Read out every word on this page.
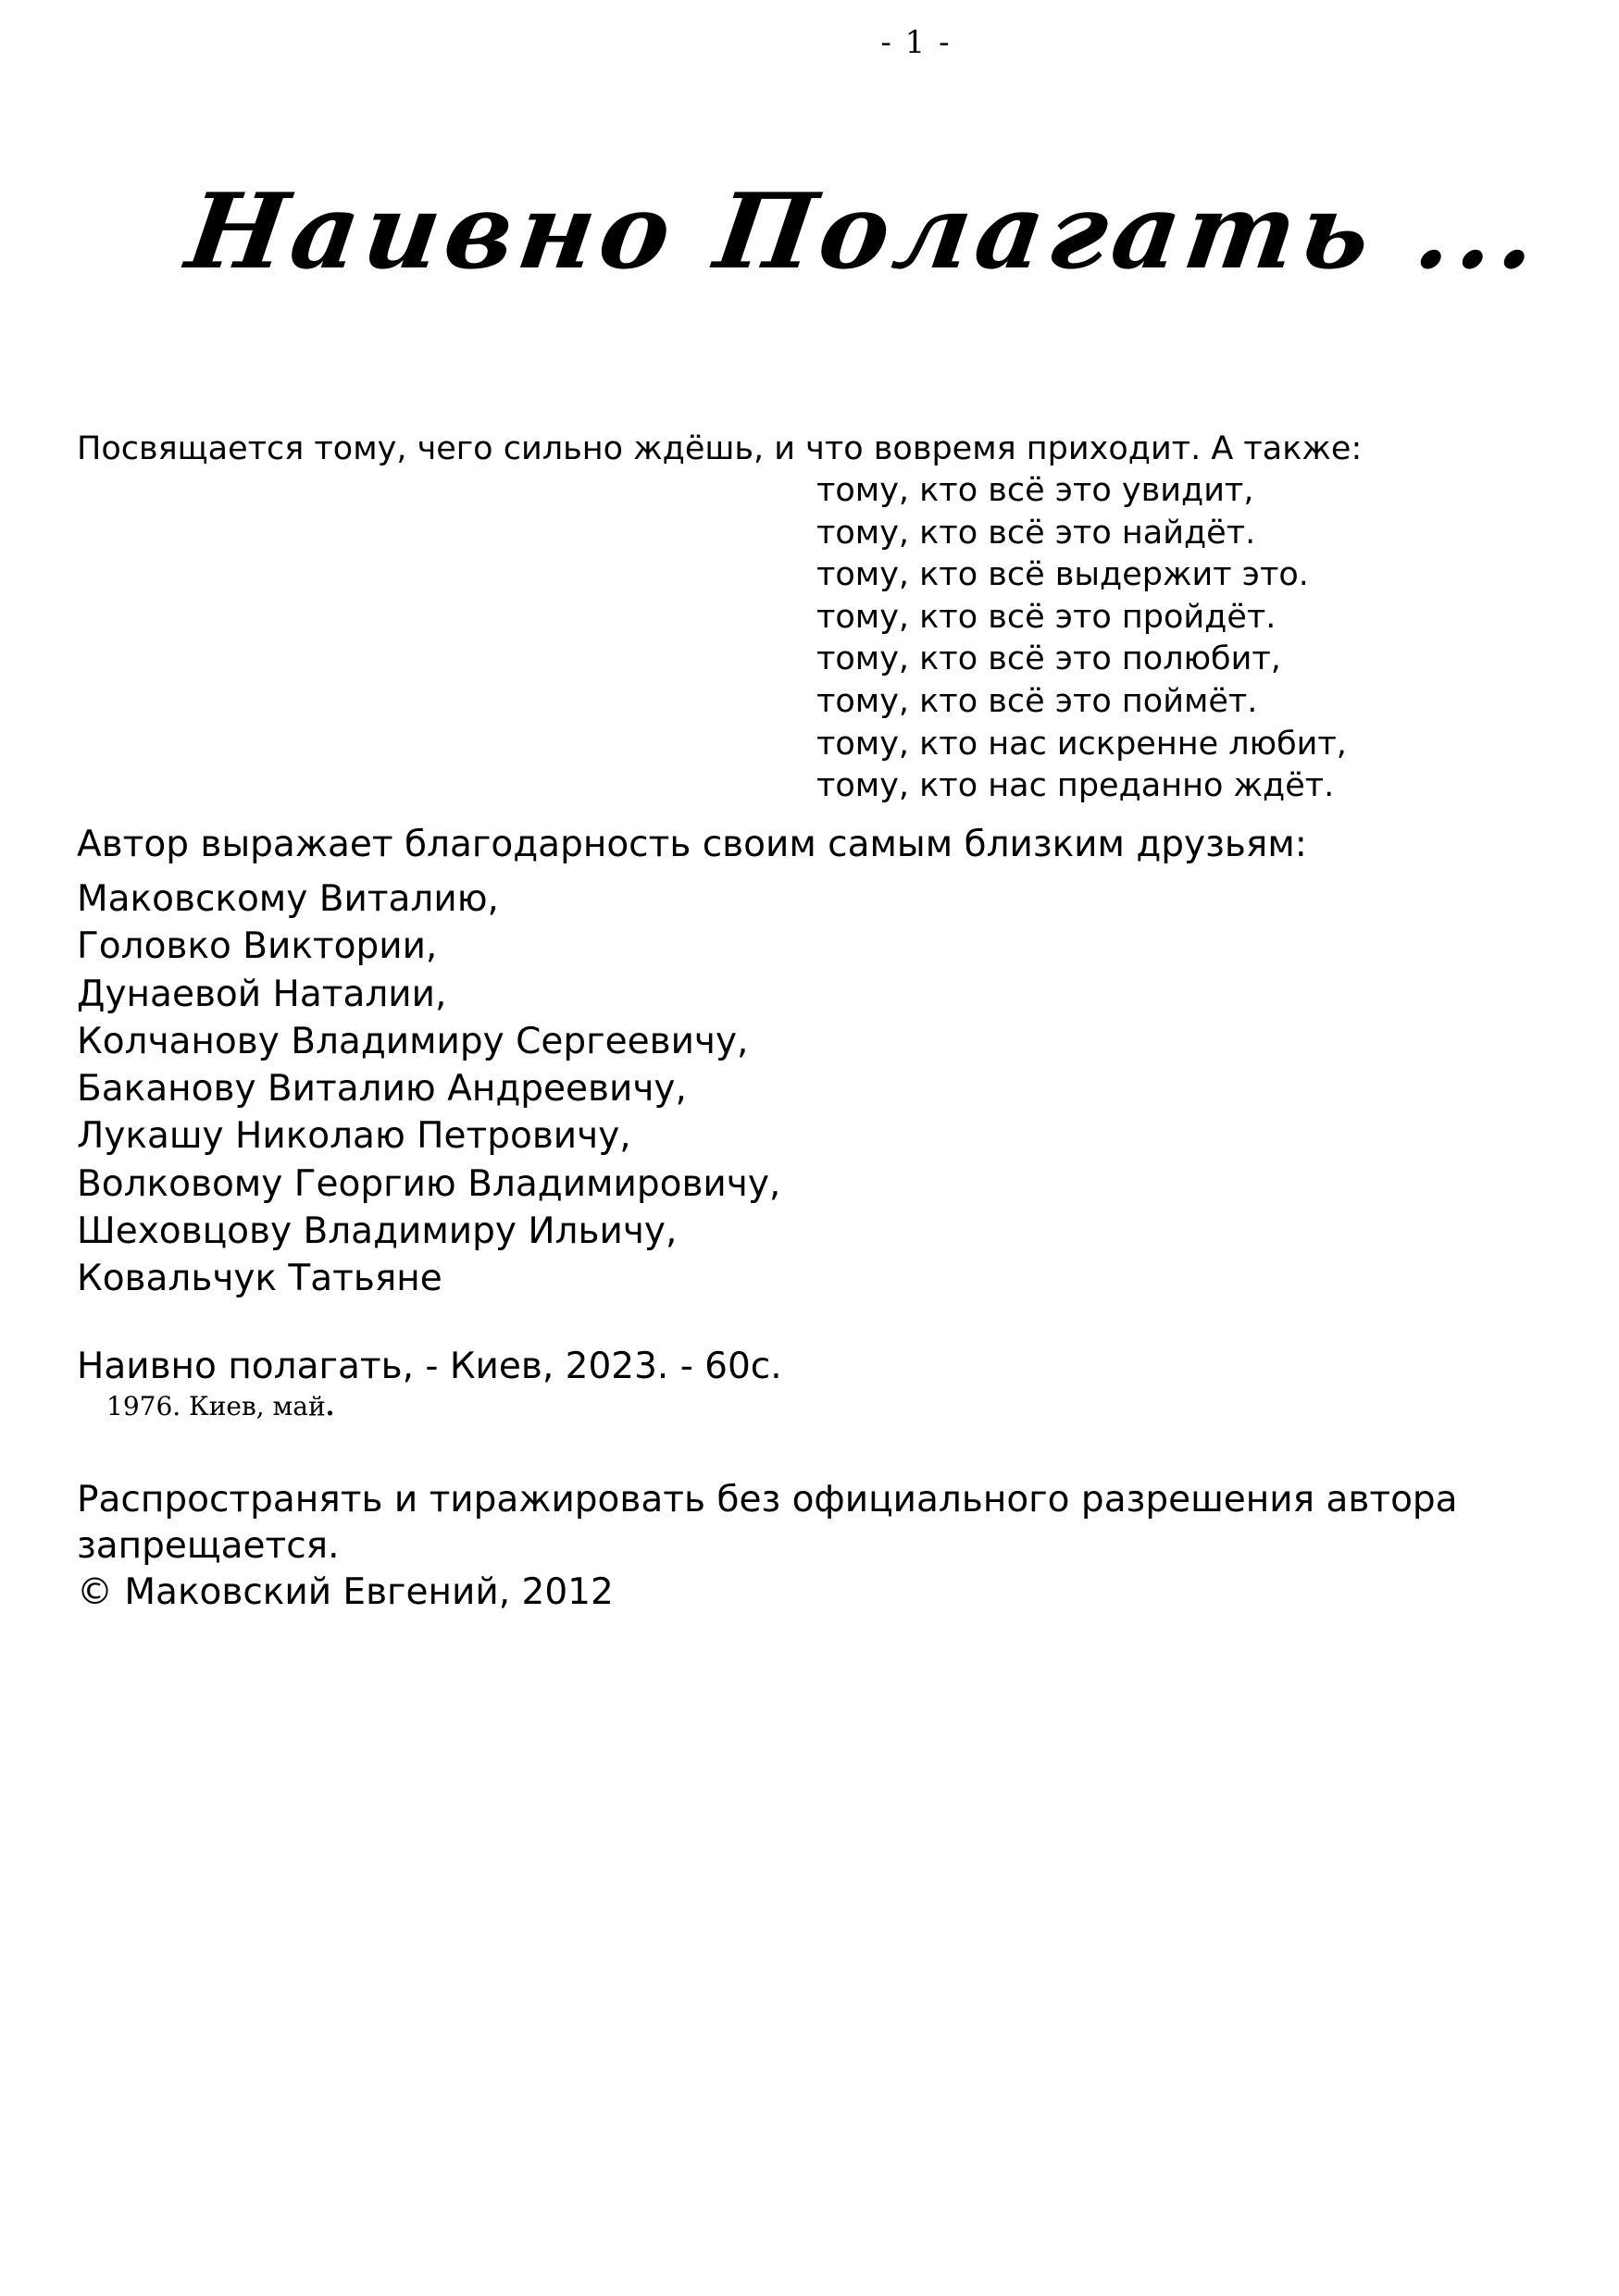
- 1 -
Наивно Полагать ...
Посвящается тому, чего сильно ждёшь, и что вовремя приходит. А также:
тому, кто всё это увидит,
тому, кто всё это найдёт.
тому, кто всё выдержит это.
тому, кто всё это пройдёт.
тому, кто всё это полюбит,
тому, кто всё это поймёт.
тому, кто нас искренне любит,
тому, кто нас преданно ждёт.
Автор выражает благодарность своим самым близким друзьям:
Маковскому Виталию,
Головко Виктории,
Дунаевой Наталии,
Колчанову Владимиру Сергеевичу,
Баканову Виталию Андреевичу,
Лукашу Николаю Петровичу,
Волковому Георгию Владимировичу,
Шеховцову Владимиру Ильичу,
Ковальчук Татьяне
Наивно полагать, - Киев, 2023. - 60с.
1976. Киев, май.
Распространять и тиражировать без официального разрешения автора
запрещается.
© Маковский Евгений, 2012
